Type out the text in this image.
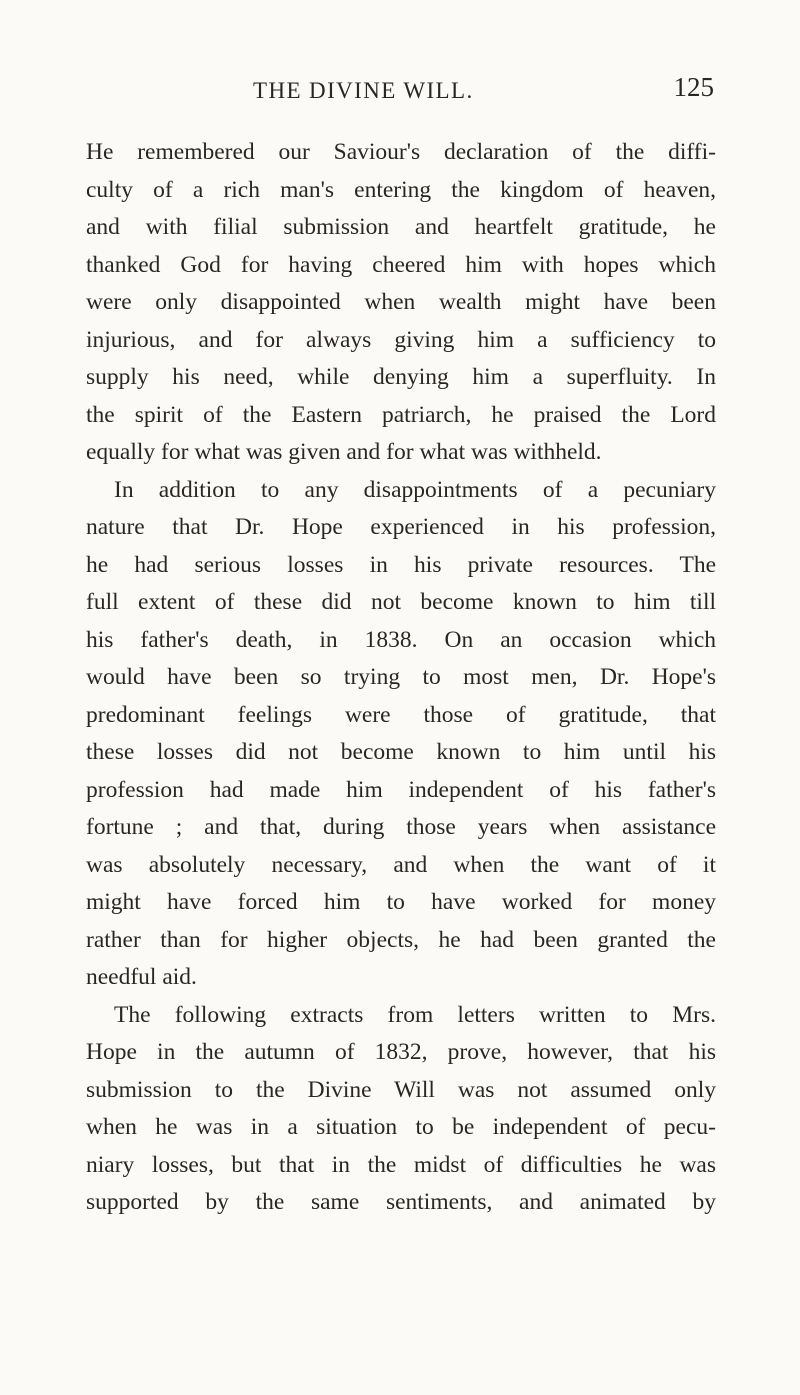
THE DIVINE WILL.	125
He remembered our Saviour's declaration of the diffi-
culty of a rich man's entering the kingdom of heaven,
and with filial submission and heartfelt gratitude, he
thanked God for having cheered him with hopes which
were only disappointed when wealth might have been
injurious, and for always giving him a sufficiency to
supply his need, while denying him a superfluity. In
the spirit of the Eastern patriarch, he praised the Lord
equally for what was given and for what was withheld.
In addition to any disappointments of a pecuniary
nature that Dr. Hope experienced in his profession,
he had serious losses in his private resources. The
full extent of these did not become known to him till
his father's death, in 1838. On an occasion which
would have been so trying to most men, Dr. Hope's
predominant feelings were those of gratitude, that
these losses did not become known to him until his
profession had made him independent of his father's
fortune ; and that, during those years when assistance
was absolutely necessary, and when the want of it
might have forced him to have worked for money
rather than for higher objects, he had been granted the
needful aid.
The following extracts from letters written to Mrs.
Hope in the autumn of 1832, prove, however, that his
submission to the Divine Will was not assumed only
when he was in a situation to be independent of pecu-
niary losses, but that in the midst of difficulties he was
supported by the same sentiments, and animated by
